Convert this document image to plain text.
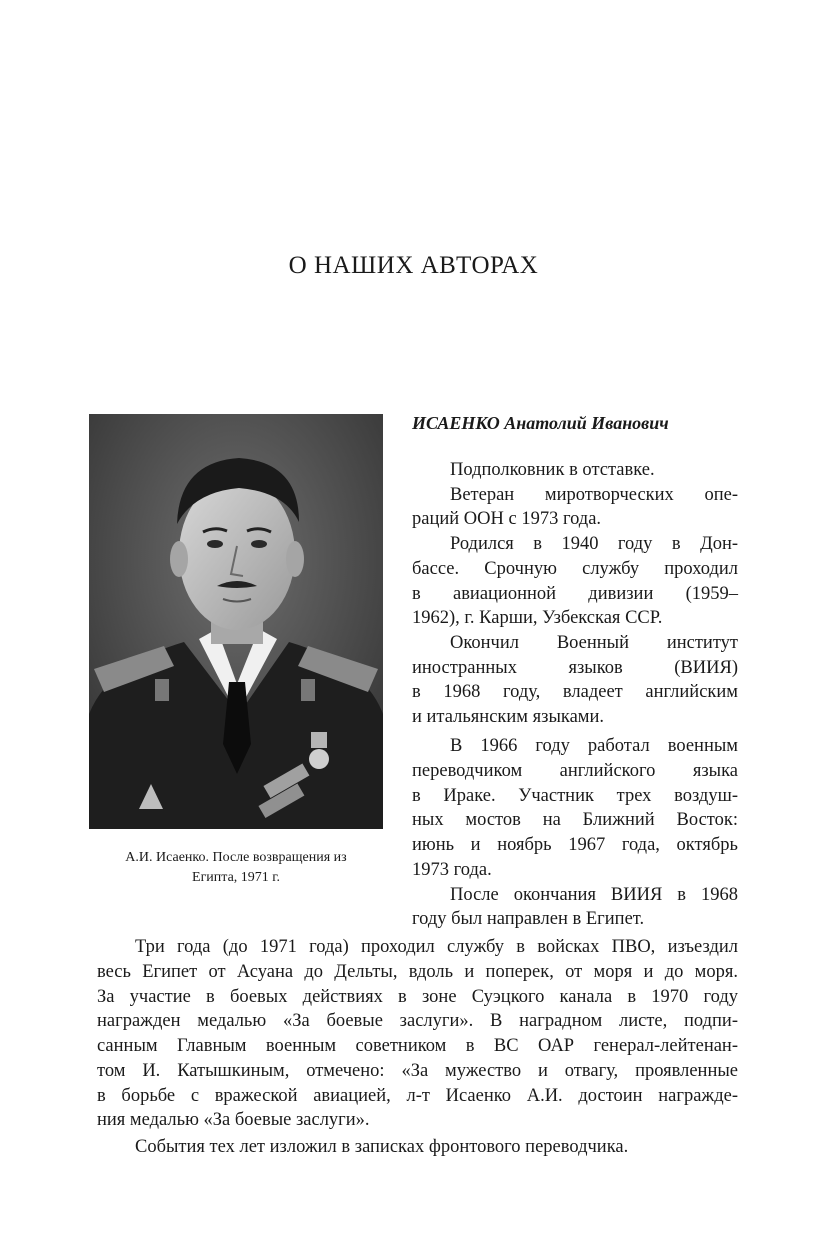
О НАШИХ АВТОРАХ

А.И. Исаенко. После возвращения из
Египта, 1971 г.

ИСАЕНКО Анатолий Иванович

Подполковник в отставке.

Ветеран миротворческих опе-

раций ООН с 1973 года.

Родился в 1940 году в Дон-

бассе. Срочную службу проходил

в авиационной дивизии (1959–

1962), г. Карши, Узбекская ССР.

Окончил Военный институт

иностранных языков (ВИИЯ)

в 1968 году, владеет английским

и итальянским языками.

В 1966 году работал военным

переводчиком английского языка

в Ираке. Участник трех воздуш-

ных мостов на Ближний Восток:

июнь и ноябрь 1967 года, октябрь

1973 года.

После окончания ВИИЯ в 1968

году был направлен в Египет.

Три года (до 1971 года) проходил службу в войсках ПВО, изъездил

весь Египет от Асуана до Дельты, вдоль и поперек, от моря и до моря.

За участие в боевых действиях в зоне Суэцкого канала в 1970 году

награжден медалью «За боевые заслуги». В наградном листе, подпи-

санным Главным военным советником в ВС ОАР генерал-лейтенан-

том И. Катышкиным, отмечено: «За мужество и отвагу, проявленные

в борьбе с вражеской авиацией, л-т Исаенко А.И. достоин награжде-

ния медалью «За боевые заслуги».

События тех лет изложил в записках фронтового переводчика.
